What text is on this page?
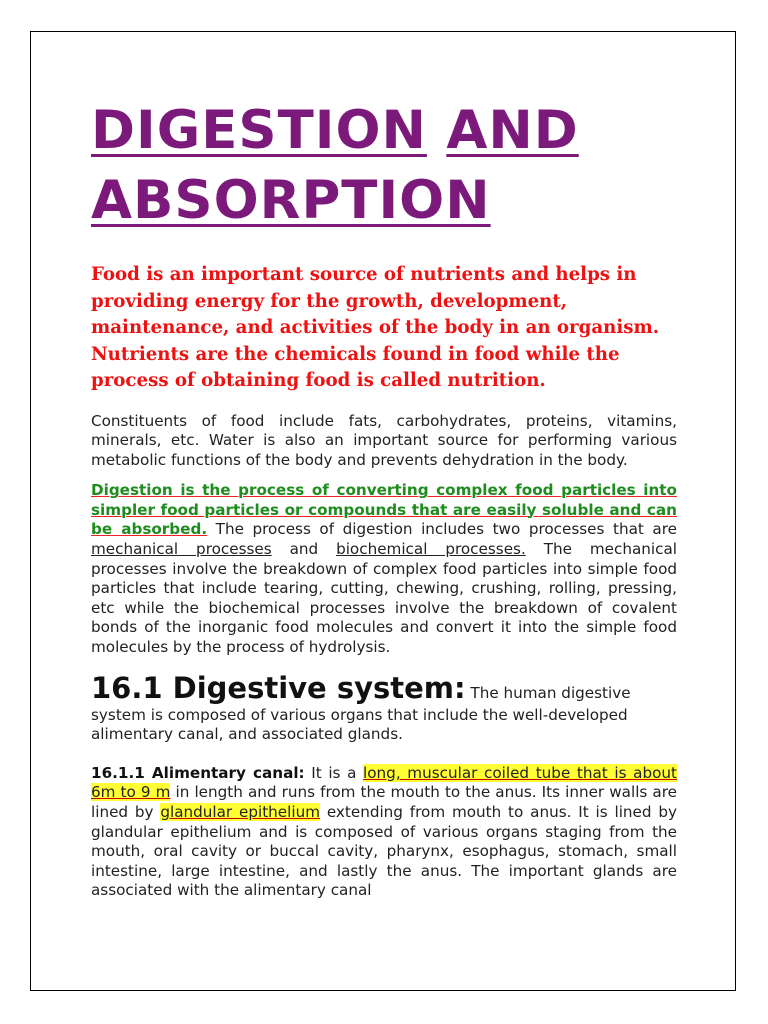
DIGESTION AND
ABSORPTION

Food is an important source of nutrients and helps in providing energy for the growth, development, maintenance, and activities of the body in an organism. Nutrients are the chemicals found in food while the process of obtaining food is called nutrition.

Constituents of food include fats, carbohydrates, proteins, vitamins, minerals, etc. Water is also an important source for performing various metabolic functions of the body and prevents dehydration in the body.

Digestion is the process of converting complex food particles into simpler food particles or compounds that are easily soluble and can be absorbed. The process of digestion includes two processes that are mechanical processes and biochemical processes. The mechanical processes involve the breakdown of complex food particles into simple food particles that include tearing, cutting, chewing, crushing, rolling, pressing, etc while the biochemical processes involve the breakdown of covalent bonds of the inorganic food molecules and convert it into the simple food molecules by the process of hydrolysis.

16.1 Digestive system: The human digestive system is composed of various organs that include the well-developed alimentary canal, and associated glands.

16.1.1 Alimentary canal: It is a long, muscular coiled tube that is about 6m to 9 m in length and runs from the mouth to the anus. Its inner walls are lined by glandular epithelium extending from mouth to anus. It is lined by glandular epithelium and is composed of various organs staging from the mouth, oral cavity or buccal cavity, pharynx, esophagus, stomach, small intestine, large intestine, and lastly the anus. The important glands are associated with the alimentary canal
